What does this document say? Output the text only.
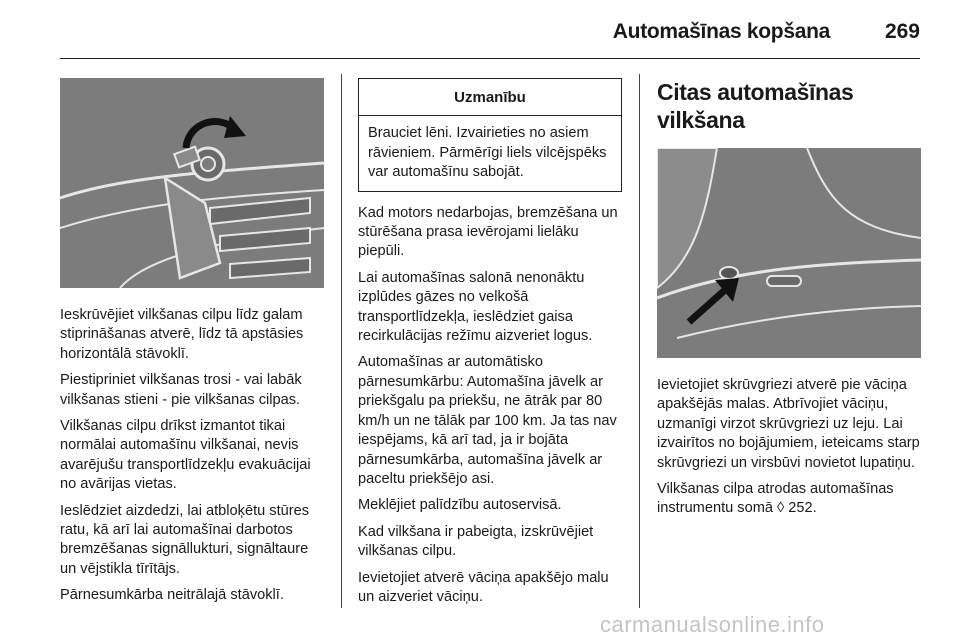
Automašīnas kopšana	269

Ieskrūvējiet vilkšanas cilpu līdz galam stiprināšanas atverē, līdz tā apstāsies horizontālā stāvoklī.

Piestipriniet vilkšanas trosi - vai labāk vilkšanas stieni - pie vilkšanas cilpas.

Vilkšanas cilpu drīkst izmantot tikai normālai automašīnu vilkšanai, nevis avarējušu transportlīdzekļu evakuācijai no avārijas vietas.

Ieslēdziet aizdedzi, lai atbloķētu stūres ratu, kā arī lai automašīnai darbotos bremzēšanas signāllukturi, signāltaure un vējstikla tīrītājs.

Pārnesumkārba neitrālajā stāvoklī.

Uzmanību
Brauciet lēni. Izvairieties no asiem rāvieniem. Pārmērīgi liels vilcējspēks var automašīnu sabojāt.

Kad motors nedarbojas, bremzēšana un stūrēšana prasa ievērojami lielāku piepūli.

Lai automašīnas salonā nenonāktu izplūdes gāzes no velkošā transportlīdzekļa, ieslēdziet gaisa recirkulācijas režīmu aizveriet logus.

Automašīnas ar automātisko pārnesumkārbu: Automašīna jāvelk ar priekšgalu pa priekšu, ne ātrāk par 80 km/h un ne tālāk par 100 km. Ja tas nav iespējams, kā arī tad, ja ir bojāta pārnesumkārba, automašīna jāvelk ar paceltu priekšējo asi.

Meklējiet palīdzību autoservisā.

Kad vilkšana ir pabeigta, izskrūvējiet vilkšanas cilpu.

Ievietojiet atverē vāciņa apakšējo malu un aizveriet vāciņu.

Citas automašīnas vilkšana

Ievietojiet skrūvgriezi atverē pie vāciņa apakšējās malas. Atbrīvojiet vāciņu, uzmanīgi virzot skrūvgriezi uz leju. Lai izvairītos no bojājumiem, ieteicams starp skrūvgriezi un virsbūvi novietot lupatiņu.

Vilkšanas cilpa atrodas automašīnas instrumentu somā ◊ 252.

carmanualsonline.info
